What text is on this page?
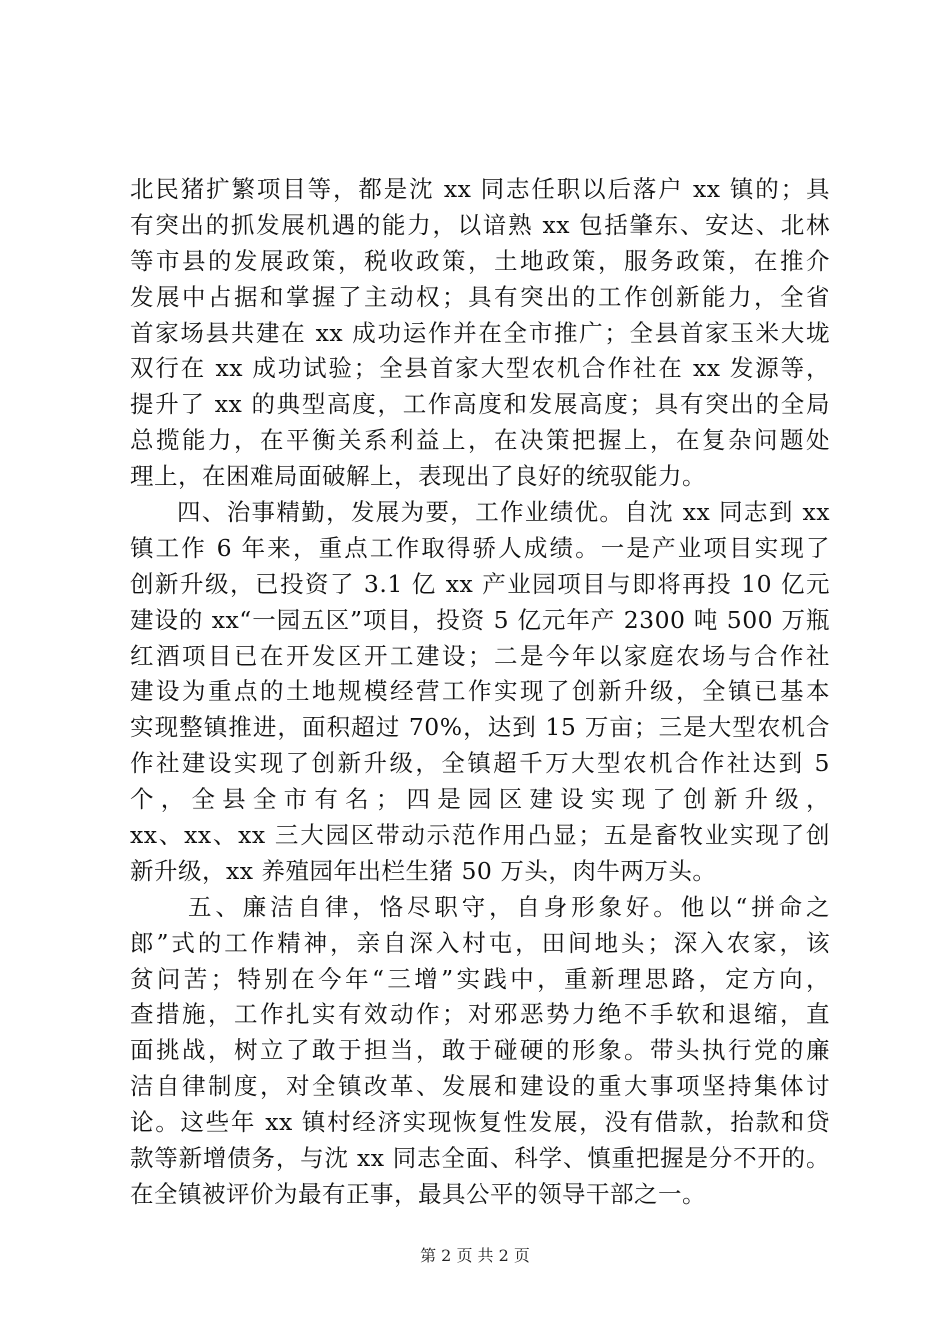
北民猪扩繁项目等，都是沈 xx 同志任职以后落户 xx 镇的；具
有突出的抓发展机遇的能力，以谙熟 xx 包括肇东、安达、北林
等市县的发展政策，税收政策，土地政策，服务政策，在推介
发展中占据和掌握了主动权；具有突出的工作创新能力，全省
首家场县共建在 xx 成功运作并在全市推广；全县首家玉米大垅
双行在 xx 成功试验；全县首家大型农机合作社在 xx 发源等，
提升了 xx 的典型高度，工作高度和发展高度；具有突出的全局
总揽能力，在平衡关系利益上，在决策把握上，在复杂问题处
理上，在困难局面破解上，表现出了良好的统驭能力。
四、治事精勤，发展为要，工作业绩优。自沈 xx 同志到 xx
镇工作 6 年来，重点工作取得骄人成绩。一是产业项目实现了
创新升级，已投资了 3.1 亿 xx 产业园项目与即将再投 10 亿元
建设的 xx“一园五区”项目，投资 5 亿元年产 2300 吨 500 万瓶
红酒项目已在开发区开工建设；二是今年以家庭农场与合作社
建设为重点的土地规模经营工作实现了创新升级，全镇已基本
实现整镇推进，面积超过 70%，达到 15 万亩；三是大型农机合
作社建设实现了创新升级，全镇超千万大型农机合作社达到 5
个，全县全市有名；四是园区建设实现了创新升级，
xx、xx、xx 三大园区带动示范作用凸显；五是畜牧业实现了创
新升级，xx 养殖园年出栏生猪 50 万头，肉牛两万头。
五、廉洁自律，恪尽职守，自身形象好。他以“拼命之
郎”式的工作精神，亲自深入村屯，田间地头；深入农家，该
贫问苦；特别在今年“三增”实践中，重新理思路，定方向，
查措施，工作扎实有效动作；对邪恶势力绝不手软和退缩，直
面挑战，树立了敢于担当，敢于碰硬的形象。带头执行党的廉
洁自律制度，对全镇改革、发展和建设的重大事项坚持集体讨
论。这些年 xx 镇村经济实现恢复性发展，没有借款，抬款和贷
款等新增债务，与沈 xx 同志全面、科学、慎重把握是分不开的。
在全镇被评价为最有正事，最具公平的领导干部之一。
第 2 页 共 2 页
